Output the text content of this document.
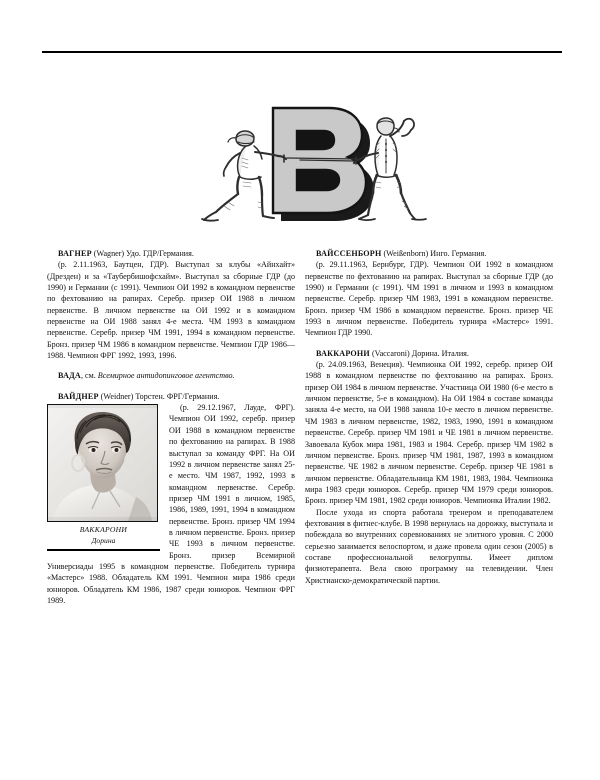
ВАГНЕР (Wagner) Удо. ГДР/Германия.

(р. 2.11.1963, Баутцен, ГДР). Выступал за клубы «Айнхайт» (Дрезден) и за «Таубербишофсхайм». Выступал за сборные ГДР (до 1990) и Германии (с 1991). Чемпион ОИ 1992 в командном первенстве по фехтованию на рапирах. Серебр. призер ОИ 1988 в личном первенстве. В личном первенстве на ОИ 1992 и в командном первенстве на ОИ 1988 занял 4-е места. ЧМ 1993 в командном первенстве. Серебр. призер ЧМ 1991, 1994 в командном первенстве. Бронз. призер ЧМ 1986 в командном первенстве. Чемпион ГДР 1986—1988. Чемпион ФРГ 1992, 1993, 1996.

ВАДА, см. Всемирное антидопинговое агентство.

ВАЙДНЕР (Weidner) Торстен. ФРГ/Германия.

ВАККАРОНИ
Дорина

(р. 29.12.1967, Лауде, ФРГ). Чемпион ОИ 1992, серебр. призер ОИ 1988 в командном первенстве по фехтованию на рапирах. В 1988 выступал за команду ФРГ. На ОИ 1992 в личном первенстве занял 25-е место. ЧМ 1987, 1992, 1993 в командном первенстве. Серебр. призер ЧМ 1991 в личном, 1985, 1986, 1989, 1991, 1994 в командном первенстве. Бронз. призер ЧМ 1994 в личном первенстве. Бронз. призер ЧЕ 1993 в личном первенстве. Бронз. призер Всемирной Универсиады 1995 в командном первенстве. Победитель турнира «Мастерс» 1988. Обладатель КМ 1991. Чемпион мира 1986 среди юниоров. Обладатель КМ 1986, 1987 среди юниоров. Чемпион ФРГ 1989.

ВАЙССЕНБОРН (Weißenborn) Инго. Германия.

(р. 29.11.1963, Бернбург, ГДР). Чемпион ОИ 1992 в командном первенстве по фехтованию на рапирах. Выступал за сборные ГДР (до 1990) и Германии (с 1991). ЧМ 1991 в личном и 1993 в командном первенстве. Серебр. призер ЧМ 1983, 1991 в командном первенстве. Бронз. призер ЧМ 1986 в командном первенстве. Бронз. призер ЧЕ 1993 в личном первенстве. Победитель турнира «Мастерс» 1991. Чемпион ГДР 1990.

ВАККАРОНИ (Vaccaroni) Дорина. Италия.

(р. 24.09.1963, Венеция). Чемпионка ОИ 1992, серебр. призер ОИ 1988 в командном первенстве по фехтованию на рапирах. Бронз. призер ОИ 1984 в личном первенстве. Участница ОИ 1980 (6-е место в личном первенстве, 5-е в командном). На ОИ 1984 в составе команды заняла 4-е место, на ОИ 1988 заняла 10-е место в личном первенстве. ЧМ 1983 в личном первенстве, 1982, 1983, 1990, 1991 в командном первенстве. Серебр. призер ЧМ 1981 и ЧЕ 1981 в личном первенстве. Завоевала Кубок мира 1981, 1983 и 1984. Серебр. призер ЧМ 1982 в личном первенстве. Бронз. призер ЧМ 1981, 1987, 1993 в командном первенстве. ЧЕ 1982 в личном первенстве. Серебр. призер ЧЕ 1981 в личном первенстве. Обладательница КМ 1981, 1983, 1984. Чемпионка мира 1983 среди юниоров. Серебр. призер ЧМ 1979 среди юниоров. Бронз. призер ЧМ 1981, 1982 среди юниоров. Чемпионка Италии 1982.

После ухода из спорта работала тренером и преподавателем фехтования в фитнес-клубе. В 1998 вернулась на дорожку, выступала и побеждала во внутренних соревнованиях не элитного уровня. С 2000 серьезно занимается велоспортом, и даже провела один сезон (2005) в составе профессиональной велогруппы. Имеет диплом физиотерапевта. Вела свою программу на телевидении. Член Христианско-демократической партии.
